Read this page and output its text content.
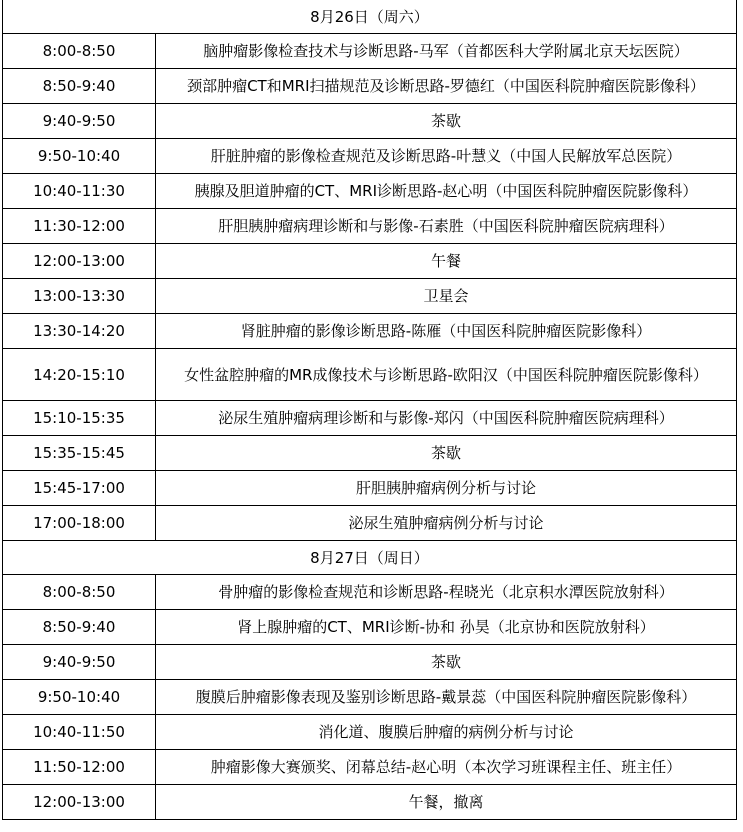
8月26日（周六）	
8:00-8:50	脑肿瘤影像检查技术与诊断思路-马军（首都医科大学附属北京天坛医院）
8:50-9:40	颈部肿瘤CT和MRI扫描规范及诊断思路-罗德红（中国医科院肿瘤医院影像科）
9:40-9:50	茶歇
9:50-10:40	肝脏肿瘤的影像检查规范及诊断思路-叶慧义（中国人民解放军总医院）
10:40-11:30	胰腺及胆道肿瘤的CT、MRI诊断思路-赵心明（中国医科院肿瘤医院影像科）
11:30-12:00	肝胆胰肿瘤病理诊断和与影像-石素胜（中国医科院肿瘤医院病理科）
12:00-13:00	午餐
13:00-13:30	卫星会
13:30-14:20	肾脏肿瘤的影像诊断思路-陈雁（中国医科院肿瘤医院影像科）
14:20-15:10	女性盆腔肿瘤的MR成像技术与诊断思路-欧阳汉（中国医科院肿瘤医院影像科）
15:10-15:35	泌尿生殖肿瘤病理诊断和与影像-郑闪（中国医科院肿瘤医院病理科）
15:35-15:45	茶歇
15:45-17:00	肝胆胰肿瘤病例分析与讨论
17:00-18:00	泌尿生殖肿瘤病例分析与讨论
8月27日（周日）	
8:00-8:50	骨肿瘤的影像检查规范和诊断思路-程晓光（北京积水潭医院放射科）
8:50-9:40	肾上腺肿瘤的CT、MRI诊断-协和 孙昊（北京协和医院放射科）
9:40-9:50	茶歇
9:50-10:40	腹膜后肿瘤影像表现及鉴别诊断思路-戴景蕊（中国医科院肿瘤医院影像科）
10:40-11:50	消化道、腹膜后肿瘤的病例分析与讨论
11:50-12:00	肿瘤影像大赛颁奖、闭幕总结-赵心明（本次学习班课程主任、班主任）
12:00-13:00	午餐，撤离
